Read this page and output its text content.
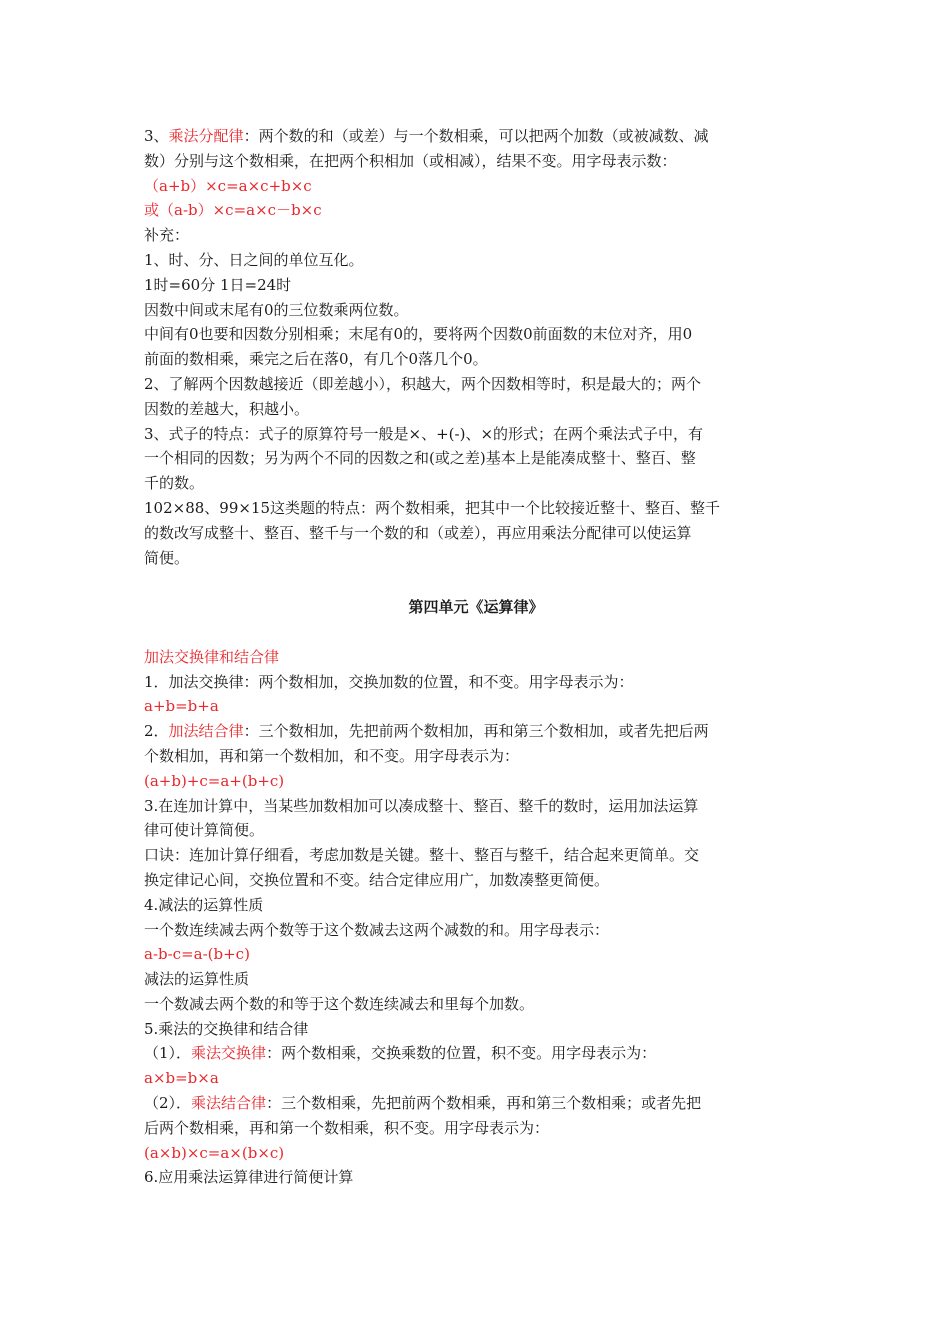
3、乘法分配律：两个数的和（或差）与一个数相乘，可以把两个加数（或被减数、减
数）分别与这个数相乘，在把两个积相加（或相减），结果不变。用字母表示数：
（a+b）×c=a×c+b×c
或（a-b）×c=a×c－b×c
补充：
1、时、分、日之间的单位互化。
1时=60分 1日=24时
因数中间或末尾有0的三位数乘两位数。
中间有0也要和因数分别相乘；末尾有0的，要将两个因数0前面数的末位对齐，用0
前面的数相乘，乘完之后在落0，有几个0落几个0。
2、了解两个因数越接近（即差越小），积越大，两个因数相等时，积是最大的；两个
因数的差越大，积越小。
3、式子的特点：式子的原算符号一般是×、+(-)、×的形式；在两个乘法式子中，有
一个相同的因数；另为两个不同的因数之和(或之差)基本上是能凑成整十、整百、整
千的数。
102×88、99×15这类题的特点：两个数相乘，把其中一个比较接近整十、整百、整千
的数改写成整十、整百、整千与一个数的和（或差），再应用乘法分配律可以使运算
简便。
第四单元《运算律》
加法交换律和结合律
1．加法交换律：两个数相加，交换加数的位置，和不变。用字母表示为：
a+b=b+a
2．加法结合律：三个数相加，先把前两个数相加，再和第三个数相加，或者先把后两
个数相加，再和第一个数相加，和不变。用字母表示为：
(a+b)+c=a+(b+c)
3.在连加计算中，当某些加数相加可以凑成整十、整百、整千的数时，运用加法运算
律可使计算简便。
口诀：连加计算仔细看，考虑加数是关键。整十、整百与整千，结合起来更简单。交
换定律记心间，交换位置和不变。结合定律应用广，加数凑整更简便。
4.减法的运算性质
一个数连续减去两个数等于这个数减去这两个减数的和。用字母表示：
a-b-c=a-(b+c)
减法的运算性质
一个数减去两个数的和等于这个数连续减去和里每个加数。
5.乘法的交换律和结合律
（1）．乘法交换律：两个数相乘，交换乘数的位置，积不变。用字母表示为：
a×b=b×a
（2）．乘法结合律：三个数相乘，先把前两个数相乘，再和第三个数相乘；或者先把
后两个数相乘，再和第一个数相乘，积不变。用字母表示为：
(a×b)×c=a×(b×c)
6.应用乘法运算律进行简便计算
